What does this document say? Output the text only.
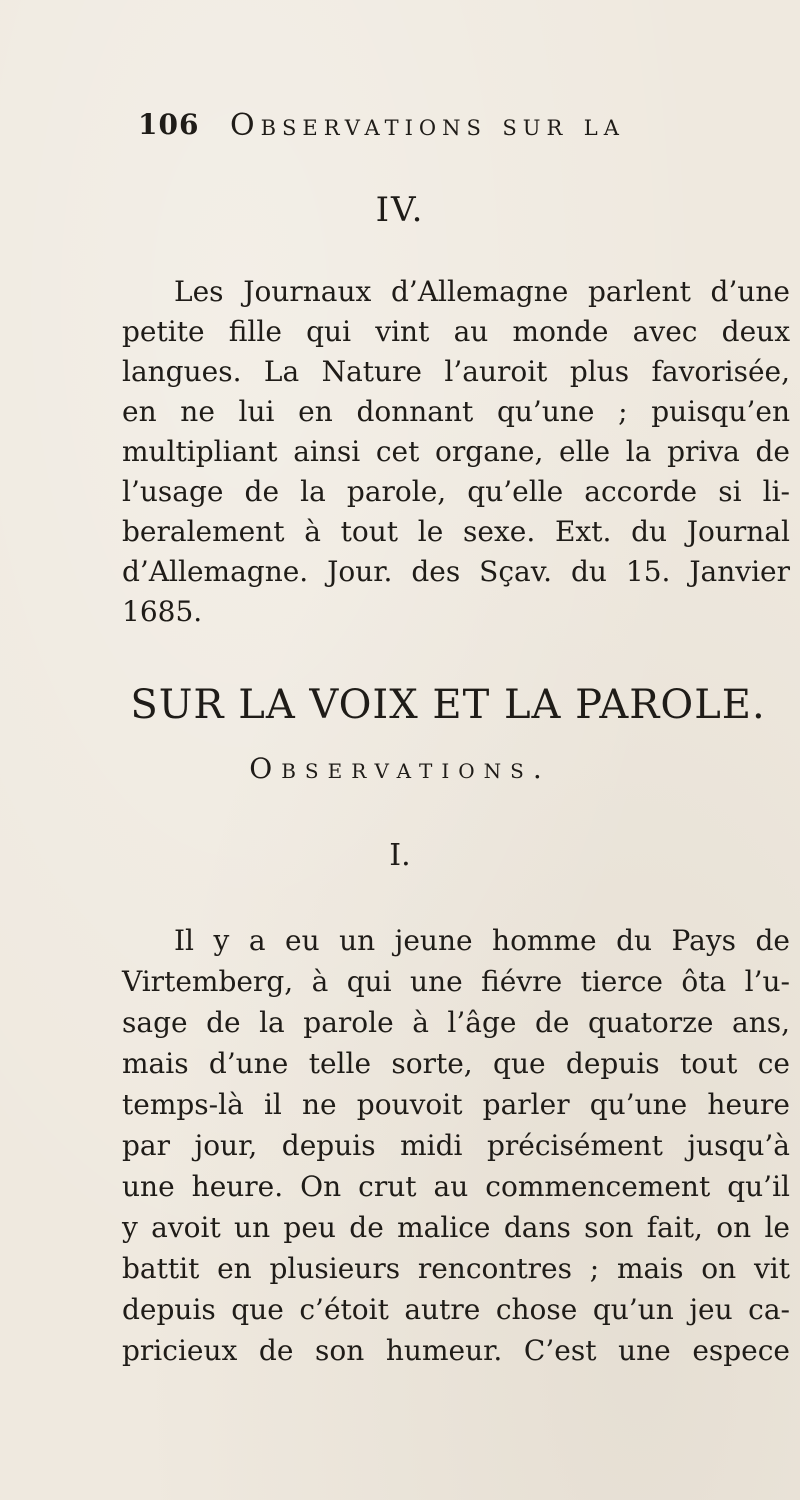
106 Observations sur la
IV.
Les Journaux d’Allemagne parlent d’une
petite fille qui vint au monde avec deux
langues. La Nature l’auroit plus favorisée,
en ne lui en donnant qu’une ; puisqu’en
multipliant ainsi cet organe, elle la priva de
l’usage de la parole, qu’elle accorde si li-
beralement à tout le sexe. Ext. du Journal
d’Allemagne. Jour. des Sçav. du 15. Janvier
1685.
SUR LA VOIX ET LA PAROLE.
Observations.
I.
Il y a eu un jeune homme du Pays de
Virtemberg, à qui une fiévre tierce ôta l’u-
sage de la parole à l’âge de quatorze ans,
mais d’une telle sorte, que depuis tout ce
temps-là il ne pouvoit parler qu’une heure
par jour, depuis midi précisément jusqu’à
une heure. On crut au commencement qu’il
y avoit un peu de malice dans son fait, on le
battit en plusieurs rencontres ; mais on vit
depuis que c’étoit autre chose qu’un jeu ca-
pricieux de son humeur. C’est une espece
